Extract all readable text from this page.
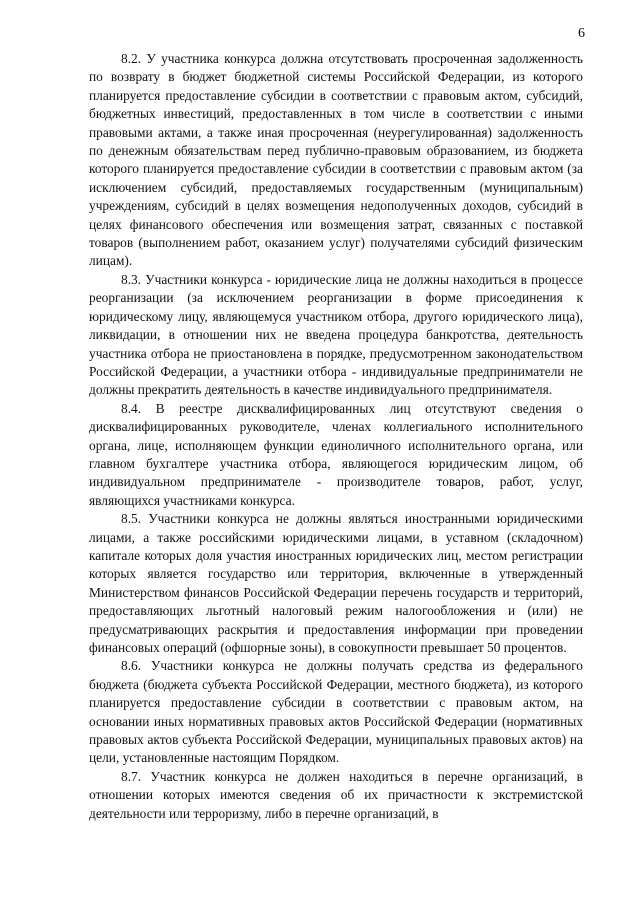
6

8.2. У участника конкурса должна отсутствовать просроченная задолженность по возврату в бюджет бюджетной системы Российской Федерации, из которого планируется предоставление субсидии в соответствии с правовым актом, субсидий, бюджетных инвестиций, предоставленных в том числе в соответствии с иными правовыми актами, а также иная просроченная (неурегулированная) задолженность по денежным обязательствам перед публично-правовым образованием, из бюджета которого планируется предоставление субсидии в соответствии с правовым актом (за исключением субсидий, предоставляемых государственным (муниципальным) учреждениям, субсидий в целях возмещения недополученных доходов, субсидий в целях финансового обеспечения или возмещения затрат, связанных с поставкой товаров (выполнением работ, оказанием услуг) получателями субсидий физическим лицам).

8.3. Участники конкурса - юридические лица не должны находиться в процессе реорганизации (за исключением реорганизации в форме присоединения к юридическому лицу, являющемуся участником отбора, другого юридического лица), ликвидации, в отношении них не введена процедура банкротства, деятельность участника отбора не приостановлена в порядке, предусмотренном законодательством Российской Федерации, а участники отбора - индивидуальные предприниматели не должны прекратить деятельность в качестве индивидуального предпринимателя.

8.4. В реестре дисквалифицированных лиц отсутствуют сведения о дисквалифицированных руководителе, членах коллегиального исполнительного органа, лице, исполняющем функции единоличного исполнительного органа, или главном бухгалтере участника отбора, являющегося юридическим лицом, об индивидуальном предпринимателе - производителе товаров, работ, услуг, являющихся участниками конкурса.

8.5. Участники конкурса не должны являться иностранными юридическими лицами, а также российскими юридическими лицами, в уставном (складочном) капитале которых доля участия иностранных юридических лиц, местом регистрации которых является государство или территория, включенные в утвержденный Министерством финансов Российской Федерации перечень государств и территорий, предоставляющих льготный налоговый режим налогообложения и (или) не предусматривающих раскрытия и предоставления информации при проведении финансовых операций (офшорные зоны), в совокупности превышает 50 процентов.

8.6. Участники конкурса не должны получать средства из федерального бюджета (бюджета субъекта Российской Федерации, местного бюджета), из которого планируется предоставление субсидии в соответствии с правовым актом, на основании иных нормативных правовых актов Российской Федерации (нормативных правовых актов субъекта Российской Федерации, муниципальных правовых актов) на цели, установленные настоящим Порядком.

8.7. Участник конкурса не должен находиться в перечне организаций, в отношении которых имеются сведения об их причастности к экстремистской деятельности или терроризму, либо в перечне организаций, в
